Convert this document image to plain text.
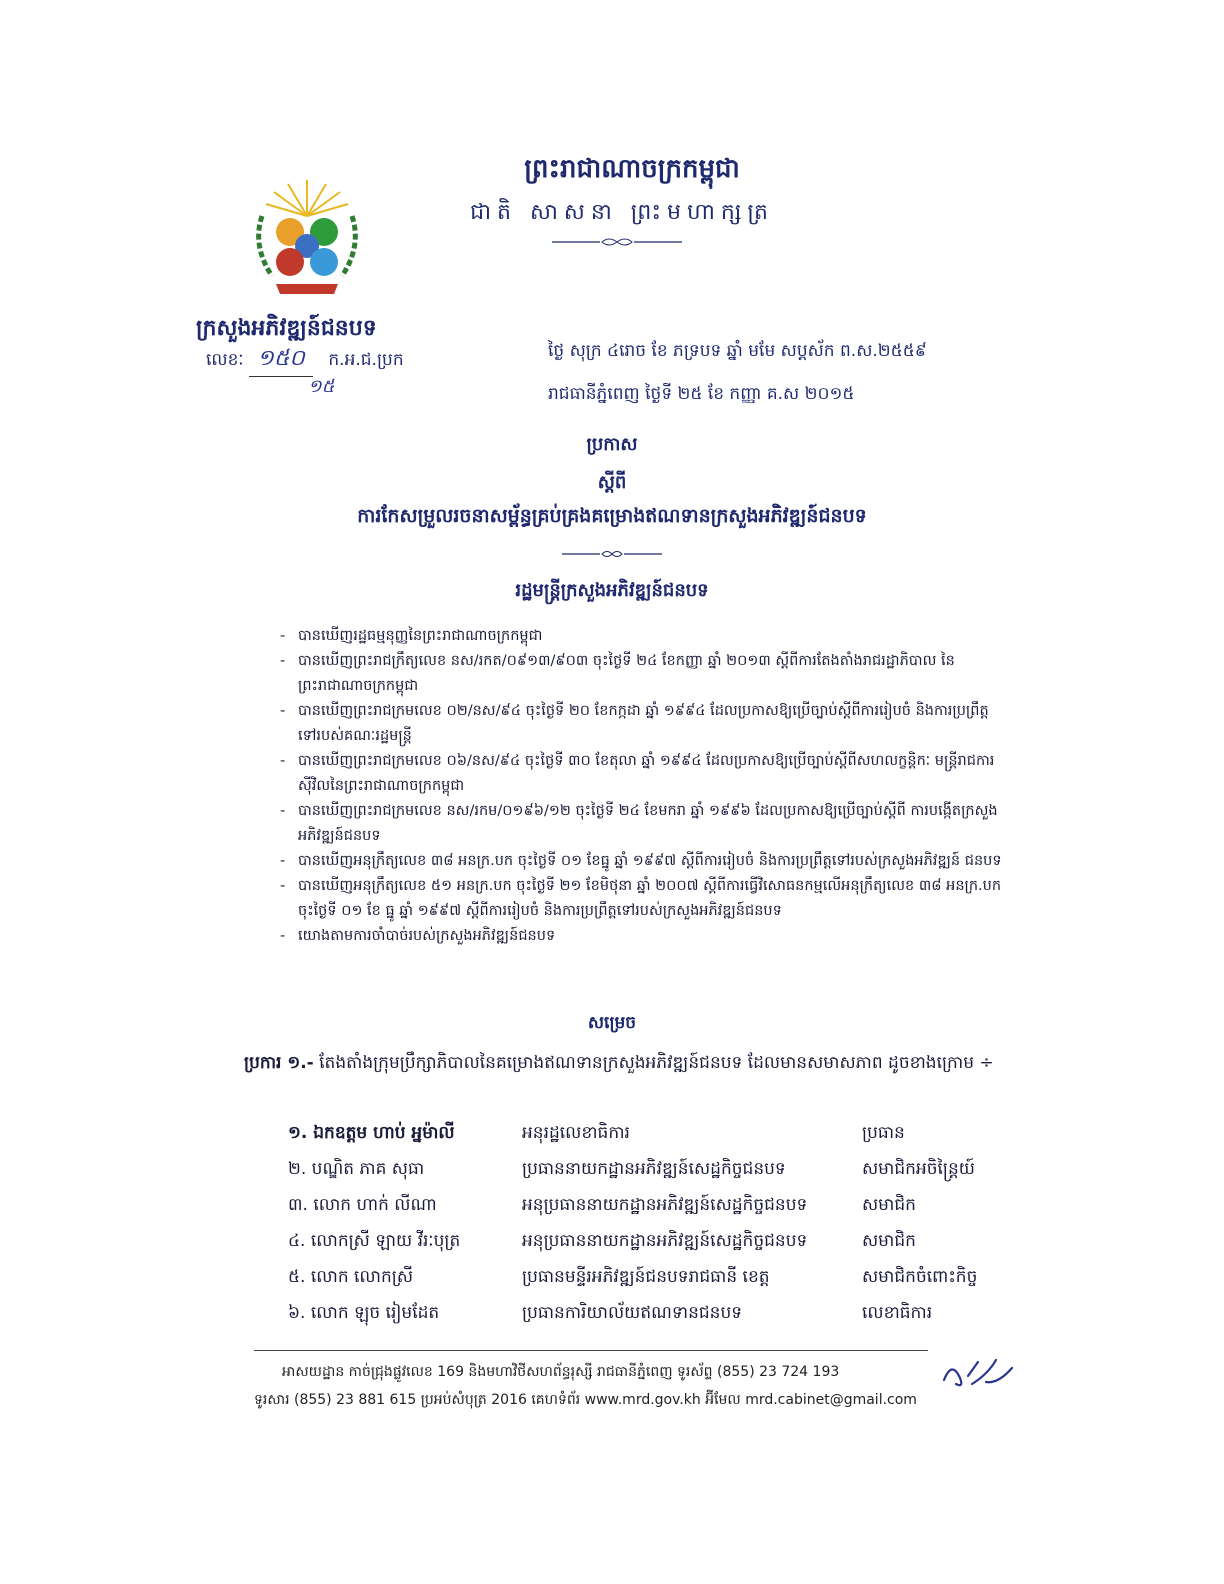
ព្រះរាជាណាចក្រកម្ពុជា
ជាតិ សាសនា ព្រះមហាក្សត្រ
ក្រសួងអភិវឌ្ឍន៍ជនបទ
លេខៈ ១៥០ ក.អ.ជ.ប្រក
១៥
ថ្ងៃ សុក្រ ៤រោច ខែ ភទ្របទ ឆ្នាំ មមែ សប្តស័ក ព.ស.២៥៥៩
រាជធានីភ្នំពេញ ថ្ងៃទី ២៥ ខែ កញ្ញា គ.ស ២០១៥
ប្រកាស
ស្តីពី
ការកែសម្រួលរចនាសម្ព័ន្ធគ្រប់គ្រងគម្រោងឥណទានក្រសួងអភិវឌ្ឍន៍ជនបទ
រដ្ឋមន្ត្រីក្រសួងអភិវឌ្ឍន៍ជនបទ
- បានឃើញរដ្ឋធម្មនុញ្ញនៃព្រះរាជាណាចក្រកម្ពុជា
- បានឃើញព្រះរាជក្រឹត្យលេខ នស/រកត/០៩១៣/៩០៣ ចុះថ្ងៃទី ២៤ ខែកញ្ញា ឆ្នាំ ២០១៣ ស្តីពីការតែងតាំងរាជរដ្ឋាភិបាល នៃព្រះរាជាណាចក្រកម្ពុជា
- បានឃើញព្រះរាជក្រមលេខ ០២/នស/៩៤ ចុះថ្ងៃទី ២០ ខែកក្កដា ឆ្នាំ ១៩៩៤ ដែលប្រកាសឱ្យប្រើច្បាប់ស្តីពីការរៀបចំ និងការប្រព្រឹត្តទៅរបស់គណៈរដ្ឋមន្ត្រី
- បានឃើញព្រះរាជក្រមលេខ ០៦/នស/៩៤ ចុះថ្ងៃទី ៣០ ខែតុលា ឆ្នាំ ១៩៩៤ ដែលប្រកាសឱ្យប្រើច្បាប់ស្តីពីសហលក្ខន្តិកៈ មន្ត្រីរាជការស៊ីវិលនៃព្រះរាជាណាចក្រកម្ពុជា
- បានឃើញព្រះរាជក្រមលេខ នស/រកម/០១៩៦/១២ ចុះថ្ងៃទី ២៤ ខែមករា ឆ្នាំ ១៩៩៦ ដែលប្រកាសឱ្យប្រើច្បាប់ស្តីពី ការបង្កើតក្រសួងអភិវឌ្ឍន៍ជនបទ
- បានឃើញអនុក្រឹត្យលេខ ៣៨ អនក្រ.បក ចុះថ្ងៃទី ០១ ខែធ្នូ ឆ្នាំ ១៩៩៧ ស្តីពីការរៀបចំ និងការប្រព្រឹត្តទៅរបស់ក្រសួងអភិវឌ្ឍន៍ ជនបទ
- បានឃើញអនុក្រឹត្យលេខ ៥១ អនក្រ.បក ចុះថ្ងៃទី ២១ ខែមិថុនា ឆ្នាំ ២០០៧ ស្តីពីការធ្វើវិសោធនកម្មលើអនុក្រឹត្យលេខ ៣៨ អនក្រ.បក ចុះថ្ងៃទី ០១ ខែ ធ្នូ ឆ្នាំ ១៩៩៧ ស្តីពីការរៀបចំ និងការប្រព្រឹត្តទៅរបស់ក្រសួងអភិវឌ្ឍន៍ជនបទ
- យោងតាមការចាំបាច់របស់ក្រសួងអភិវឌ្ឍន៍ជនបទ
សម្រេច
ប្រការ ១.- តែងតាំងក្រុមប្រឹក្សាភិបាលនៃគម្រោងឥណទានក្រសួងអភិវឌ្ឍន៍ជនបទ ដែលមានសមាសភាព ដូចខាងក្រោម ÷
១. ឯកឧត្តម ហាប់ អ្នម៉ាលី	អនុរដ្ឋលេខាធិការ	ប្រធាន
២. បណ្ឌិត ភាគ សុធា	ប្រធាននាយកដ្ឋានអភិវឌ្ឍន៍សេដ្ឋកិច្ចជនបទ	សមាជិកអចិន្ត្រៃយ៍
៣. លោក ហាក់ លីណា	អនុប្រធាននាយកដ្ឋានអភិវឌ្ឍន៍សេដ្ឋកិច្ចជនបទ	សមាជិក
៤. លោកស្រី ឡាយ វីរៈបុត្រ	អនុប្រធាននាយកដ្ឋានអភិវឌ្ឍន៍សេដ្ឋកិច្ចជនបទ	សមាជិក
៥. លោក លោកស្រី	ប្រធានមន្ទីរអភិវឌ្ឍន៍ជនបទរាជធានី ខេត្ត	សមាជិកចំពោះកិច្ច
៦. លោក ឡុច រៀមដែត	ប្រធានការិយាល័យឥណទានជនបទ	លេខាធិការ
អាសយដ្ឋាន កាច់ជ្រុងផ្លូវលេខ 169 និងមហាវិថីសហព័ន្ធរុស្សី រាជធានីភ្នំពេញ ទូរស័ព្ទ (855) 23 724 193
ទូរសារ (855) 23 881 615 ប្រអប់សំបុត្រ 2016 គេហទំព័រ www.mrd.gov.kh អ៊ីមែល mrd.cabinet@gmail.com
